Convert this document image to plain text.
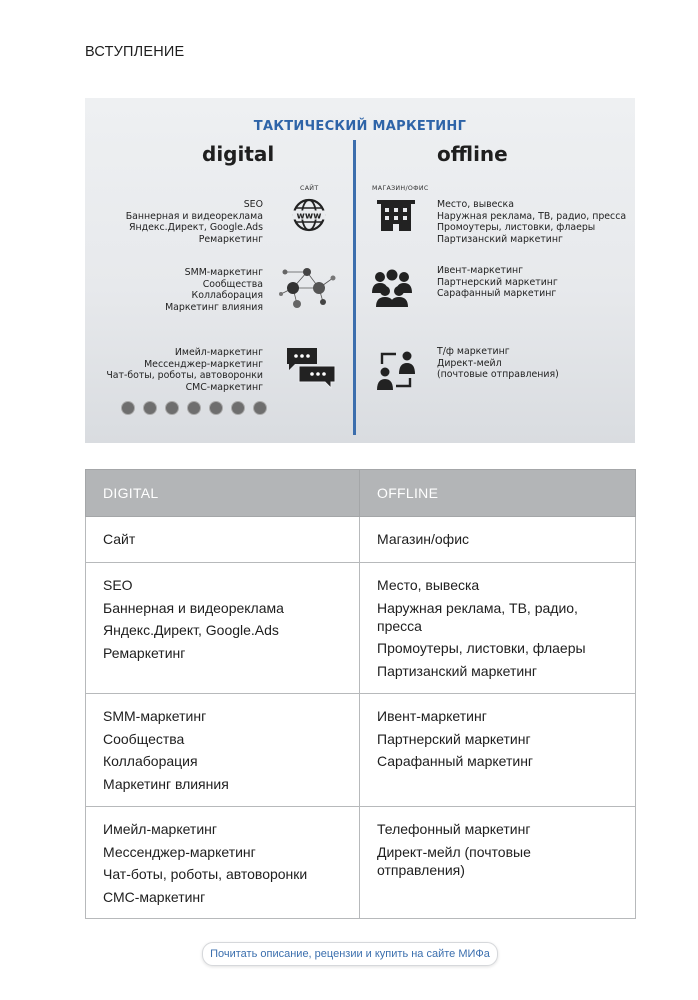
ВСТУПЛЕНИЕ
ТАКТИЧЕСКИЙ МАРКЕТИНГ
digital	offline
САЙТ	МАГАЗИН/ОФИС
SEO
Баннерная и видеореклама
Яндекс.Директ, Google.Ads
Ремаркетинг
SMM-маркетинг
Сообщества
Коллаборация
Маркетинг влияния
Имейл-маркетинг
Мессенджер-маркетинг
Чат-боты, роботы, автоворонки
СМС-маркетинг
Место, вывеска
Наружная реклама, ТВ, радио, пресса
Промоутеры, листовки, флаеры
Партизанский маркетинг
Ивент-маркетинг
Партнерский маркетинг
Сарафанный маркетинг
Т/ф маркетинг
Директ-мейл
(почтовые отправления)
www
DIGITAL	OFFLINE

Сайт	Магазин/офис

SEO
Баннерная и видеореклама
Яндекс.Директ, Google.Ads
Ремаркетинг	Место, вывеска
Наружная реклама, ТВ, радио, пресса
Промоутеры, листовки, флаеры
Партизанский маркетинг

SMM-маркетинг
Сообщества
Коллаборация
Маркетинг влияния	Ивент-маркетинг
Партнерский маркетинг
Сарафанный маркетинг

Имейл-маркетинг
Мессенджер-маркетинг
Чат-боты, роботы, автоворонки
СМС-маркетинг	Телефонный маркетинг
Директ-мейл (почтовые отправления)
Почитать описание, рецензии и купить на сайте МИФа
